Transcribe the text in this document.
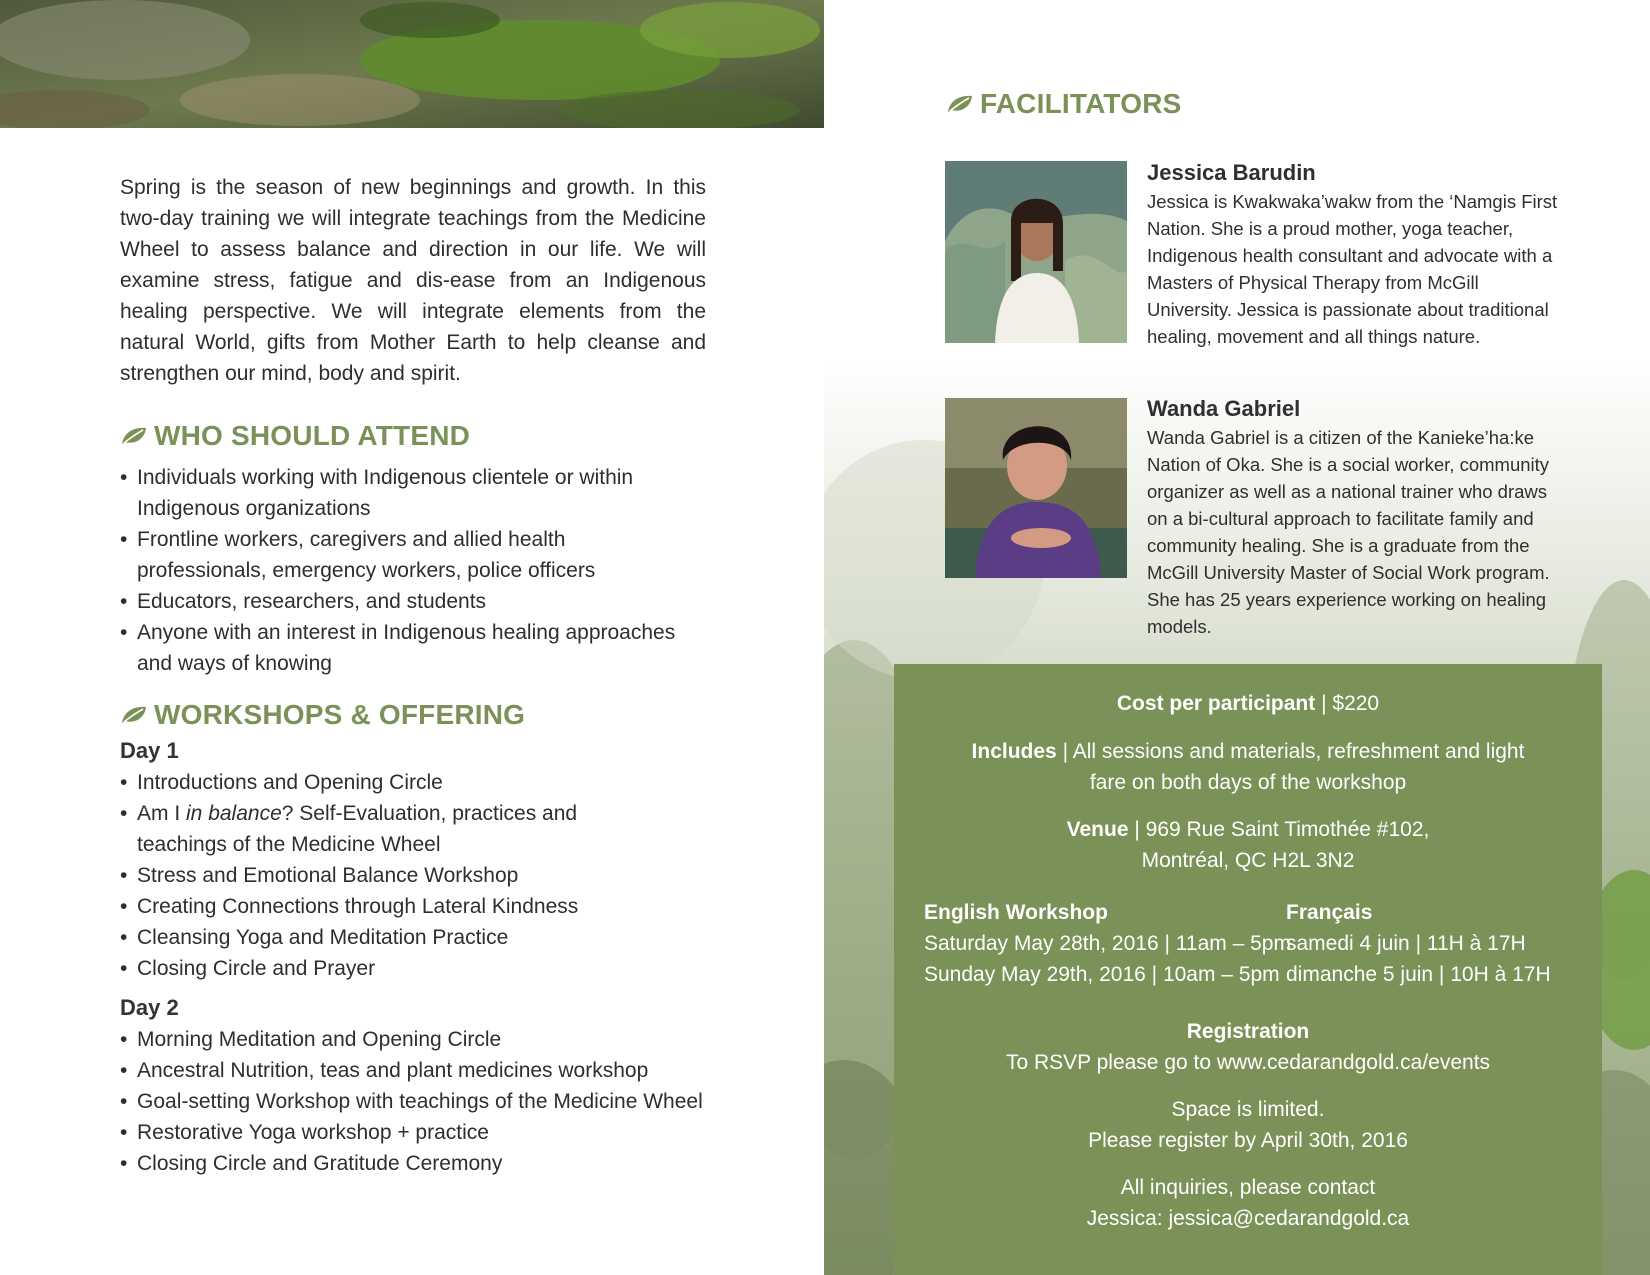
Spring is the season of new beginnings and growth. In this two-day training we will integrate teachings from the Medicine Wheel to assess balance and direction in our life. We will examine stress, fatigue and dis-ease from an Indigenous healing perspective. We will integrate elements from the natural World, gifts from Mother Earth to help cleanse and strengthen our mind, body and spirit.

WHO SHOULD ATTEND
• Individuals working with Indigenous clientele or within Indigenous organizations
• Frontline workers, caregivers and allied health professionals, emergency workers, police officers
• Educators, researchers, and students
• Anyone with an interest in Indigenous healing approaches and ways of knowing
WORKSHOPS & OFFERING

Day 1

• Introductions and Opening Circle
• Am I in balance? Self-Evaluation, practices and teachings of the Medicine Wheel
• Stress and Emotional Balance Workshop
• Creating Connections through Lateral Kindness
• Cleansing Yoga and Meditation Practice
• Closing Circle and Prayer

Day 2

• Morning Meditation and Opening Circle
• Ancestral Nutrition, teas and plant medicines workshop
• Goal-setting Workshop with teachings of the Medicine Wheel
• Restorative Yoga workshop + practice
• Closing Circle and Gratitude Ceremony
FACILITATORS
Jessica Barudin

Jessica is Kwakwaka’wakw from the ‘Namgis First Nation. She is a proud mother, yoga teacher, Indigenous health consultant and advocate with a Masters of Physical Therapy from McGill University. Jessica is passionate about traditional healing, movement and all things nature.

Wanda Gabriel

Wanda Gabriel is a citizen of the Kanieke’ha:ke Nation of Oka. She is a social worker, community organizer as well as a national trainer who draws on a bi-cultural approach to facilitate family and community healing. She is a graduate from the McGill University Master of Social Work program. She has 25 years experience working on healing models.

Cost per participant | $220

Includes | All sessions and materials, refreshment and light

fare on both days of the workshop

Venue | 969 Rue Saint Timothée #102,

Montréal, QC H2L 3N2

English Workshop
Saturday May 28th, 2016 | 11am – 5pm
Sunday May 29th, 2016 | 10am – 5pm
Français
samedi 4 juin | 11H à 17H
dimanche 5 juin | 10H à 17H

Registration

To RSVP please go to www.cedarandgold.ca/events

Space is limited.

Please register by April 30th, 2016

All inquiries, please contact

Jessica: jessica@cedarandgold.ca
